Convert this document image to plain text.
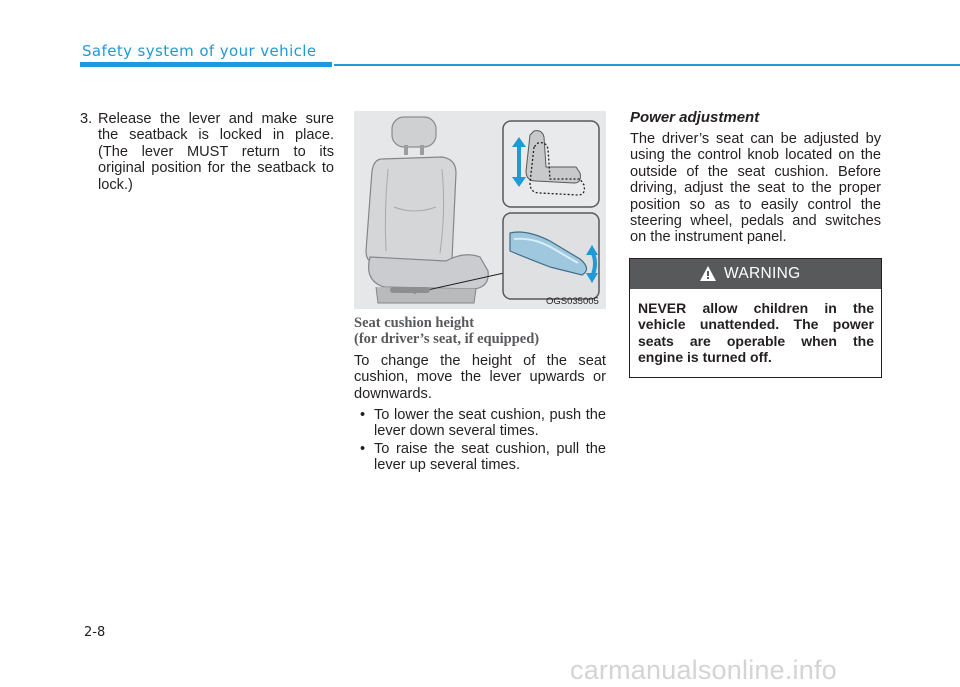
Safety system of your vehicle
3. Release the lever and make sure the seatback is locked in place. (The lever MUST return to its original position for the seatback to lock.)
OGS035005
Seat cushion height
(for driver’s seat, if equipped)
To change the height of the seat cushion, move the lever upwards or downwards.
• To lower the seat cushion, push the lever down several times.
• To raise the seat cushion, pull the lever up several times.
Power adjustment
The driver’s seat can be adjusted by using the control knob located on the outside of the seat cushion. Before driving, adjust the seat to the proper position so as to easily control the steering wheel, pedals and switches on the instrument panel.
WARNING
NEVER allow children in the vehicle unattended. The power seats are operable when the engine is turned off.
2-8
carmanualsonline.info
